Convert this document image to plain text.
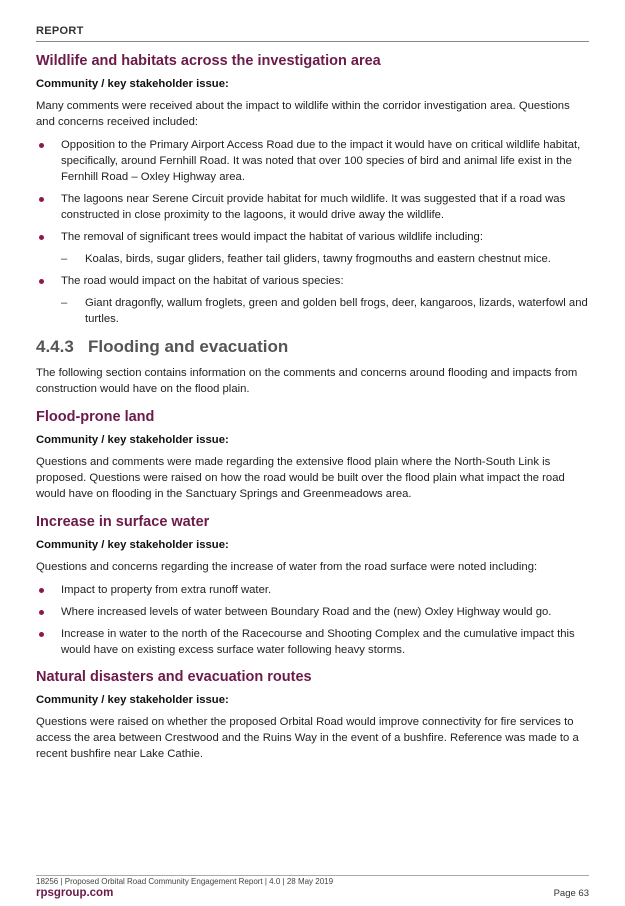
REPORT
Wildlife and habitats across the investigation area
Community / key stakeholder issue:

Many comments were received about the impact to wildlife within the corridor investigation area. Questions and concerns received included:

Opposition to the Primary Airport Access Road due to the impact it would have on critical wildlife habitat, specifically, around Fernhill Road. It was noted that over 100 species of bird and animal life exist in the Fernhill Road – Oxley Highway area.
The lagoons near Serene Circuit provide habitat for much wildlife. It was suggested that if a road was constructed in close proximity to the lagoons, it would drive away the wildlife.
The removal of significant trees would impact the habitat of various wildlife including:
– Koalas, birds, sugar gliders, feather tail gliders, tawny frogmouths and eastern chestnut mice.
The road would impact on the habitat of various species:
– Giant dragonfly, wallum froglets, green and golden bell frogs, deer, kangaroos, lizards, waterfowl and turtles.
4.4.3 Flooding and evacuation

The following section contains information on the comments and concerns around flooding and impacts from construction would have on the flood plain.

Flood-prone land
Community / key stakeholder issue:

Questions and comments were made regarding the extensive flood plain where the North-South Link is proposed. Questions were raised on how the road would be built over the flood plain what impact the road would have on flooding in the Sanctuary Springs and Greenmeadows area.

Increase in surface water
Community / key stakeholder issue:

Questions and concerns regarding the increase of water from the road surface were noted including:

Impact to property from extra runoff water.
Where increased levels of water between Boundary Road and the (new) Oxley Highway would go.
Increase in water to the north of the Racecourse and Shooting Complex and the cumulative impact this would have on existing excess surface water following heavy storms.
Natural disasters and evacuation routes
Community / key stakeholder issue:

Questions were raised on whether the proposed Orbital Road would improve connectivity for fire services to access the area between Crestwood and the Ruins Way in the event of a bushfire. Reference was made to a recent bushfire near Lake Cathie.

18256 | Proposed Orbital Road Community Engagement Report | 4.0 | 28 May 2019
rpsgroup.com	Page 63
